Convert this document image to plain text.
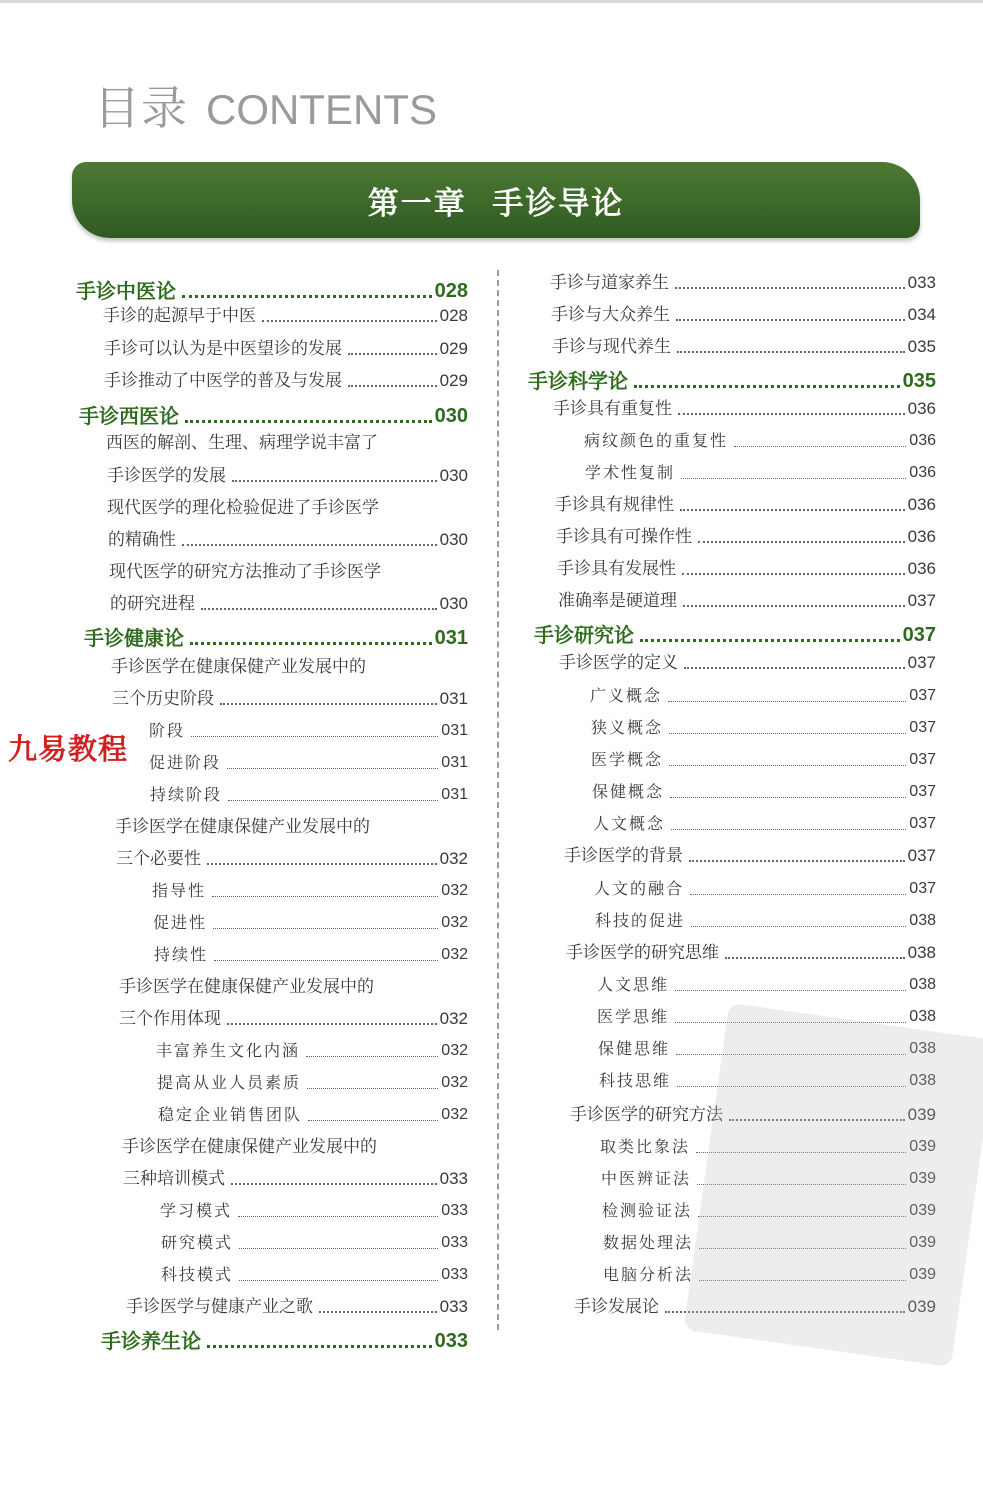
目录 CONTENTS
第一章  手诊导论
手诊中医论	028
手诊的起源早于中医	028
手诊可以认为是中医望诊的发展	029
手诊推动了中医学的普及与发展	029
手诊西医论	030
西医的解剖、生理、病理学说丰富了
手诊医学的发展	030
现代医学的理化检验促进了手诊医学
的精确性	030
现代医学的研究方法推动了手诊医学
的研究进程	030
手诊健康论	031
手诊医学在健康保健产业发展中的
三个历史阶段	031
阶段	031
促进阶段	031
持续阶段	031
手诊医学在健康保健产业发展中的
三个必要性	032
指导性	032
促进性	032
持续性	032
手诊医学在健康保健产业发展中的
三个作用体现	032
丰富养生文化内涵	032
提高从业人员素质	032
稳定企业销售团队	032
手诊医学在健康保健产业发展中的
三种培训模式	033
学习模式	033
研究模式	033
科技模式	033
手诊医学与健康产业之歌	033
手诊养生论	033
手诊与道家养生	033
手诊与大众养生	034
手诊与现代养生	035
手诊科学论	035
手诊具有重复性	036
病纹颜色的重复性	036
学术性复制	036
手诊具有规律性	036
手诊具有可操作性	036
手诊具有发展性	036
准确率是硬道理	037
手诊研究论	037
手诊医学的定义	037
广义概念	037
狭义概念	037
医学概念	037
保健概念	037
人文概念	037
手诊医学的背景	037
人文的融合	037
科技的促进	038
手诊医学的研究思维	038
人文思维	038
医学思维	038
保健思维	038
科技思维	038
手诊医学的研究方法	039
取类比象法	039
中医辨证法	039
检测验证法	039
数据处理法	039
电脑分析法	039
手诊发展论	039
九易教程
